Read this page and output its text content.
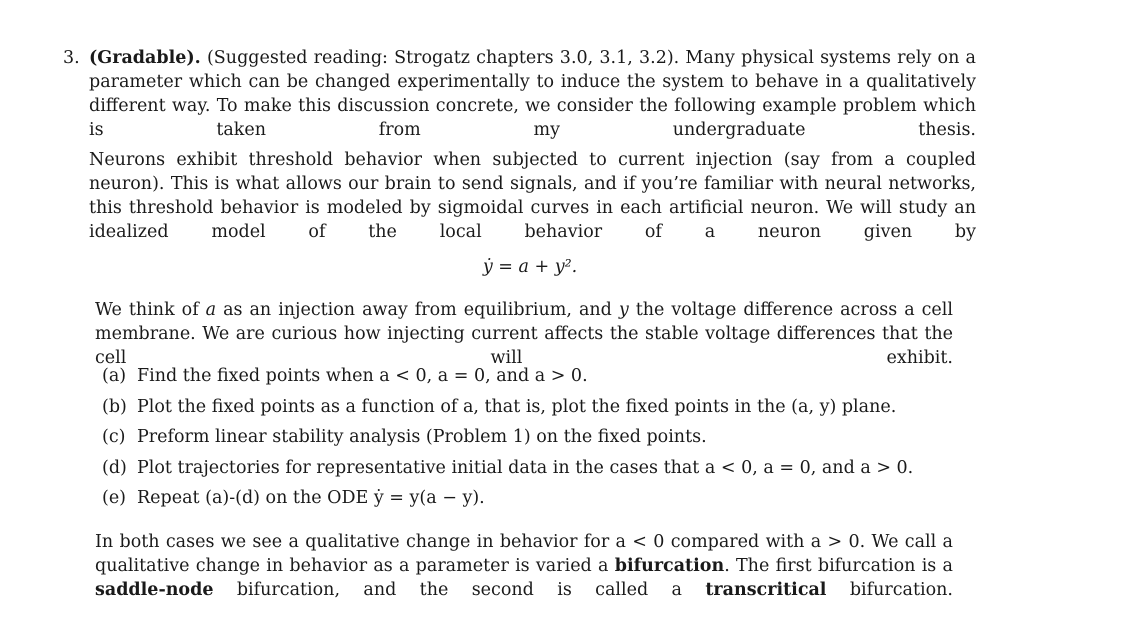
3. (Gradable). (Suggested reading: Strogatz chapters 3.0, 3.1, 3.2). Many physical systems rely on a parameter which can be changed experimentally to induce the system to behave in a qualitatively different way. To make this discussion concrete, we consider the following example problem which is taken from my undergraduate thesis.
Neurons exhibit threshold behavior when subjected to current injection (say from a coupled neuron). This is what allows our brain to send signals, and if you’re familiar with neural networks, this threshold behavior is modeled by sigmoidal curves in each artificial neuron. We will study an idealized model of the local behavior of a neuron given by
ẏ = a + y².
We think of a as an injection away from equilibrium, and y the voltage difference across a cell membrane. We are curious how injecting current affects the stable voltage differences that the cell will exhibit.
(a) Find the fixed points when a < 0, a = 0, and a > 0.
(b) Plot the fixed points as a function of a, that is, plot the fixed points in the (a, y) plane.
(c) Preform linear stability analysis (Problem 1) on the fixed points.
(d) Plot trajectories for representative initial data in the cases that a < 0, a = 0, and a > 0.
(e) Repeat (a)-(d) on the ODE ẏ = y(a − y).
In both cases we see a qualitative change in behavior for a < 0 compared with a > 0. We call a qualitative change in behavior as a parameter is varied a bifurcation. The first bifurcation is a saddle-node bifurcation, and the second is called a transcritical bifurcation.
